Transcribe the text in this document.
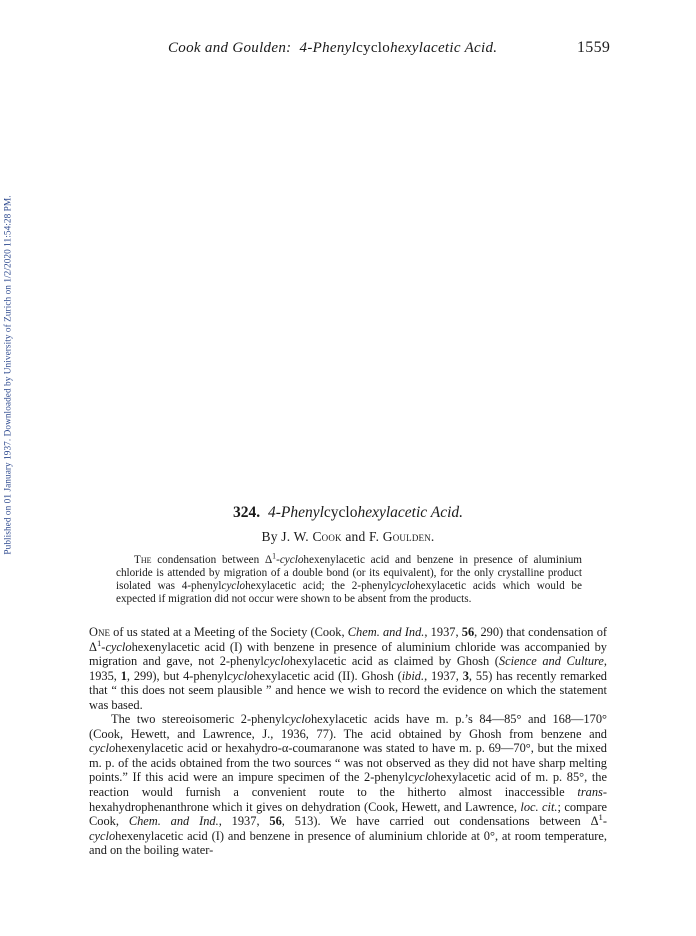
Published on 01 January 1937. Downloaded by University of Zurich on 1/2/2020 11:54:28 PM.
Cook and Goulden: 4-Phenylcyclohexylacetic Acid.	1559
324. 4-Phenylcyclohexylacetic Acid.
By J. W. Cook and F. Goulden.

The condensation between $\Delta^1$-cyclohexenylacetic acid and benzene in presence of aluminium chloride is attended by migration of a double bond (or its equivalent), for the only crystalline product isolated was 4-phenylcyclohexylacetic acid; the 2-phenylcyclohexylacetic acids which would be expected if migration did not occur were shown to be absent from the products.

One of us stated at a Meeting of the Society (Cook, Chem. and Ind., 1937, 56, 290) that condensation of $\Delta^1$-cyclohexenylacetic acid (I) with benzene in presence of aluminium chloride was accompanied by migration and gave, not 2-phenylcyclohexylacetic acid as claimed by Ghosh (Science and Culture, 1935, 1, 299), but 4-phenylcyclohexylacetic acid (II). Ghosh (ibid., 1937, 3, 55) has recently remarked that “ this does not seem plausible ” and hence we wish to record the evidence on which the statement was based.

The two stereoisomeric 2-phenylcyclohexylacetic acids have m. p.’s 84—85° and 168—170° (Cook, Hewett, and Lawrence, J., 1936, 77). The acid obtained by Ghosh from benzene and cyclohexenylacetic acid or hexahydro-α-coumaranone was stated to have m. p. 69—70°, but the mixed m. p. of the acids obtained from the two sources “ was not observed as they did not have sharp melting points.” If this acid were an impure specimen of the 2-phenylcyclohexylacetic acid of m. p. 85°, the reaction would furnish a convenient route to the hitherto almost inaccessible trans-hexahydrophenanthrone which it gives on dehydration (Cook, Hewett, and Lawrence, loc. cit.; compare Cook, Chem. and Ind., 1937, 56, 513). We have carried out condensations between $\Delta^1$-cyclohexenylacetic acid (I) and benzene in presence of aluminium chloride at 0°, at room temperature, and on the boiling water-
